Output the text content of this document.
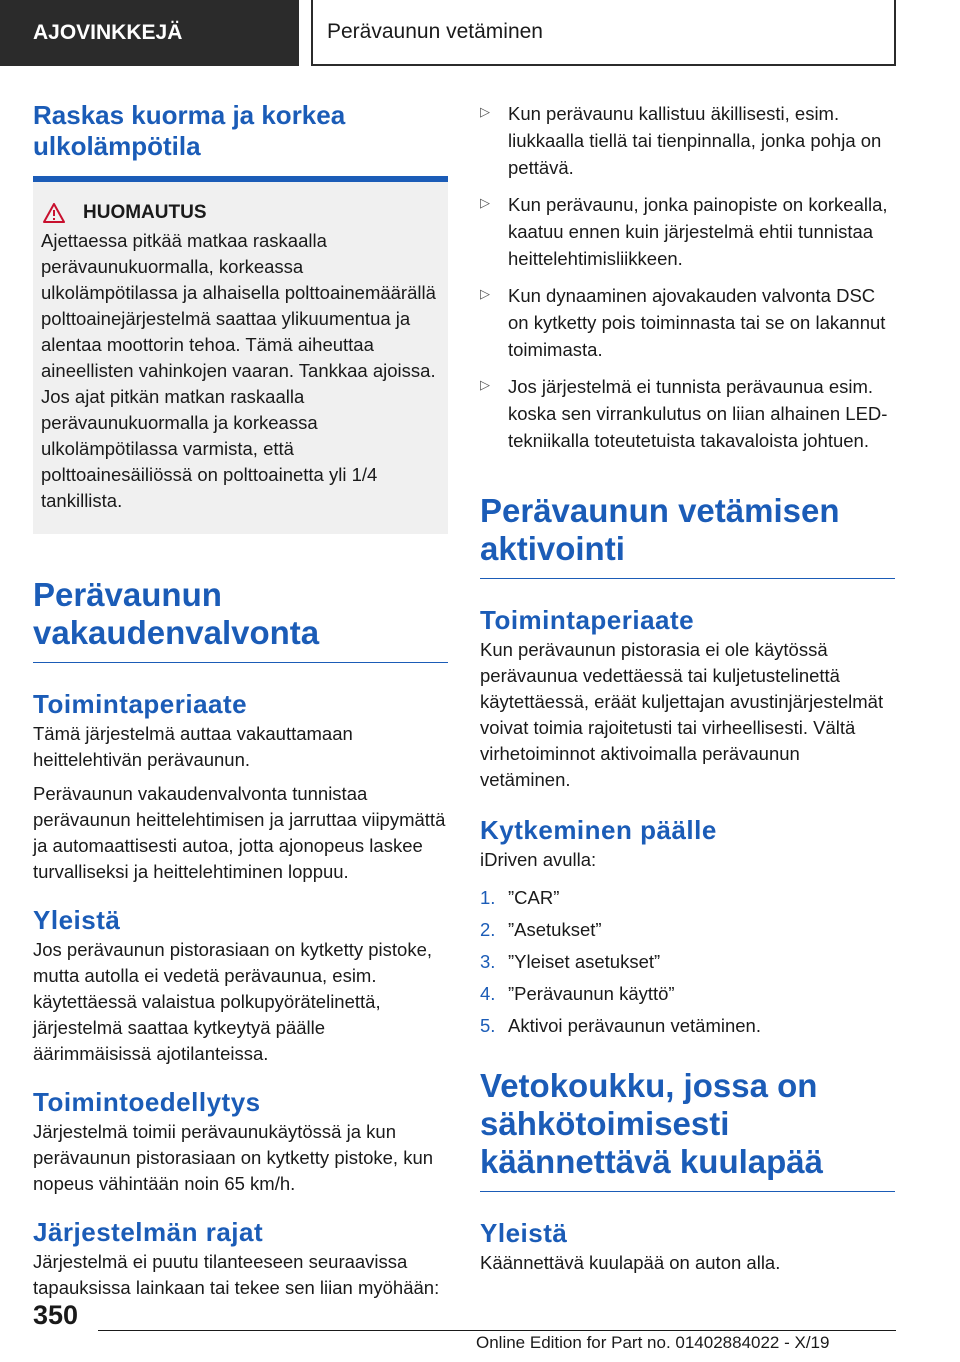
AJOVINKKEJÄ	Perävaunun vetäminen
Raskas kuorma ja korkea ulkolämpötila
HUOMAUTUS

Ajettaessa pitkää matkaa raskaalla perävaunukuormalla, korkeassa ulkolämpötilassa ja alhaisella polttoainemäärällä polttoainejärjestelmä saattaa ylikuumentua ja alentaa moottorin tehoa. Tämä aiheuttaa aineellisten vahinkojen vaaran. Tankkaa ajoissa. Jos ajat pitkän matkan raskaalla perävaunukuormalla ja korkeassa ulkolämpötilassa varmista, että polttoainesäiliössä on polttoainetta yli 1/4 tankillista.

Perävaunun vakaudenvalvonta
Toimintaperiaate

Tämä järjestelmä auttaa vakauttamaan heittelehtivän perävaunun.

Perävaunun vakaudenvalvonta tunnistaa perävaunun heittelehtimisen ja jarruttaa viipymättä ja automaattisesti autoa, jotta ajonopeus laskee turvalliseksi ja heittelehtiminen loppuu.

Yleistä

Jos perävaunun pistorasiaan on kytketty pistoke, mutta autolla ei vedetä perävaunua, esim. käytettäessä valaistua polkupyörätelinettä, järjestelmä saattaa kytkeytyä päälle äärimmäisissä ajotilanteissa.

Toimintoedellytys

Järjestelmä toimii perävaunukäytössä ja kun perävaunun pistorasiaan on kytketty pistoke, kun nopeus vähintään noin 65 km/h.

Järjestelmän rajat

Järjestelmä ei puutu tilanteeseen seuraavissa tapauksissa lainkaan tai tekee sen liian myöhään:

▷ Kun perävaunu kallistuu äkillisesti, esim. liukkaalla tiellä tai tienpinnalla, jonka pohja on pettävä.
▷ Kun perävaunu, jonka painopiste on korkealla, kaatuu ennen kuin järjestelmä ehtii tunnistaa heittelehtimisliikkeen.
▷ Kun dynaaminen ajovakauden valvonta DSC on kytketty pois toiminnasta tai se on lakannut toimimasta.
▷ Jos järjestelmä ei tunnista perävaunua esim. koska sen virrankulutus on liian alhainen LED-tekniikalla toteutetuista takavaloista johtuen.
Perävaunun vetämisen aktivointi
Toimintaperiaate

Kun perävaunun pistorasia ei ole käytössä perävaunua vedettäessä tai kuljetustelinettä käytettäessä, eräät kuljettajan avustinjärjestelmät voivat toimia rajoitetusti tai virheellisesti. Vältä virhetoiminnot aktivoimalla perävaunun vetäminen.

Kytkeminen päälle

iDriven avulla:

1. ”CAR”
2. ”Asetukset”
3. ”Yleiset asetukset”
4. ”Perävaunun käyttö”
5. Aktivoi perävaunun vetäminen.
Vetokoukku, jossa on sähkötoimisesti käännettävä kuulapää
Yleistä

Käännettävä kuulapää on auton alla.

350
Online Edition for Part no. 01402884022 - X/19
